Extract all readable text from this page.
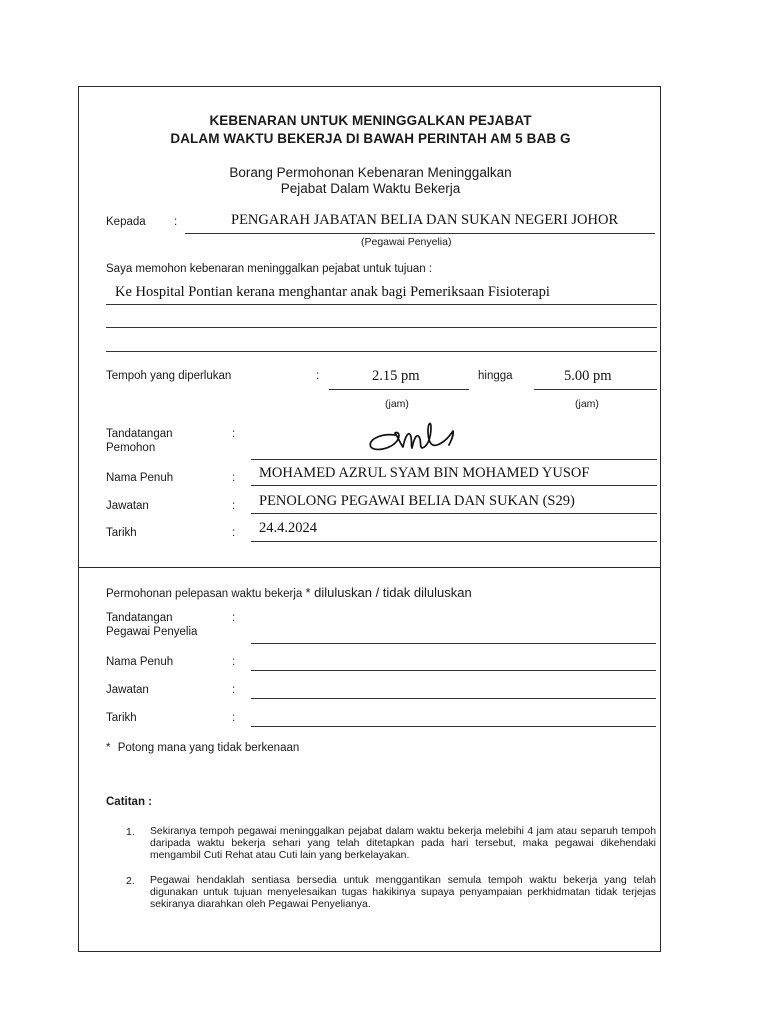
KEBENARAN UNTUK MENINGGALKAN PEJABAT
DALAM WAKTU BEKERJA DI BAWAH PERINTAH AM 5 BAB G
Borang Permohonan Kebenaran Meninggalkan
Pejabat Dalam Waktu Bekerja
Kepada :	PENGARAH JABATAN BELIA DAN SUKAN NEGERI JOHOR
(Pegawai Penyelia)
Saya memohon kebenaran meninggalkan pejabat untuk tujuan :
Ke Hospital Pontian kerana menghantar anak bagi Pemeriksaan Fisioterapi
Tempoh yang diperlukan	:	2.15 pm	hingga	5.00 pm
(jam)	(jam)
Tandatangan
Pemohon
:
Nama Penuh	: MOHAMED AZRUL SYAM BIN MOHAMED YUSOF
Jawatan	: PENOLONG PEGAWAI BELIA DAN SUKAN (S29)
Tarikh	: 24.4.2024
Permohonan pelepasan waktu bekerja * diluluskan / tidak diluluskan
Tandatangan
Pegawai Penyelia
:
Nama Penuh	:
Jawatan	:
Tarikh	:
* Potong mana yang tidak berkenaan
Catitan :
1. Sekiranya tempoh pegawai meninggalkan pejabat dalam waktu bekerja melebihi 4 jam atau separuh tempoh daripada waktu bekerja sehari yang telah ditetapkan pada hari tersebut, maka pegawai dikehendaki mengambil Cuti Rehat atau Cuti lain yang berkelayakan.
2. Pegawai hendaklah sentiasa bersedia untuk menggantikan semula tempoh waktu bekerja yang telah digunakan untuk tujuan menyelesaikan tugas hakikinya supaya penyampaian perkhidmatan tidak terjejas sekiranya diarahkan oleh Pegawai Penyelianya.
